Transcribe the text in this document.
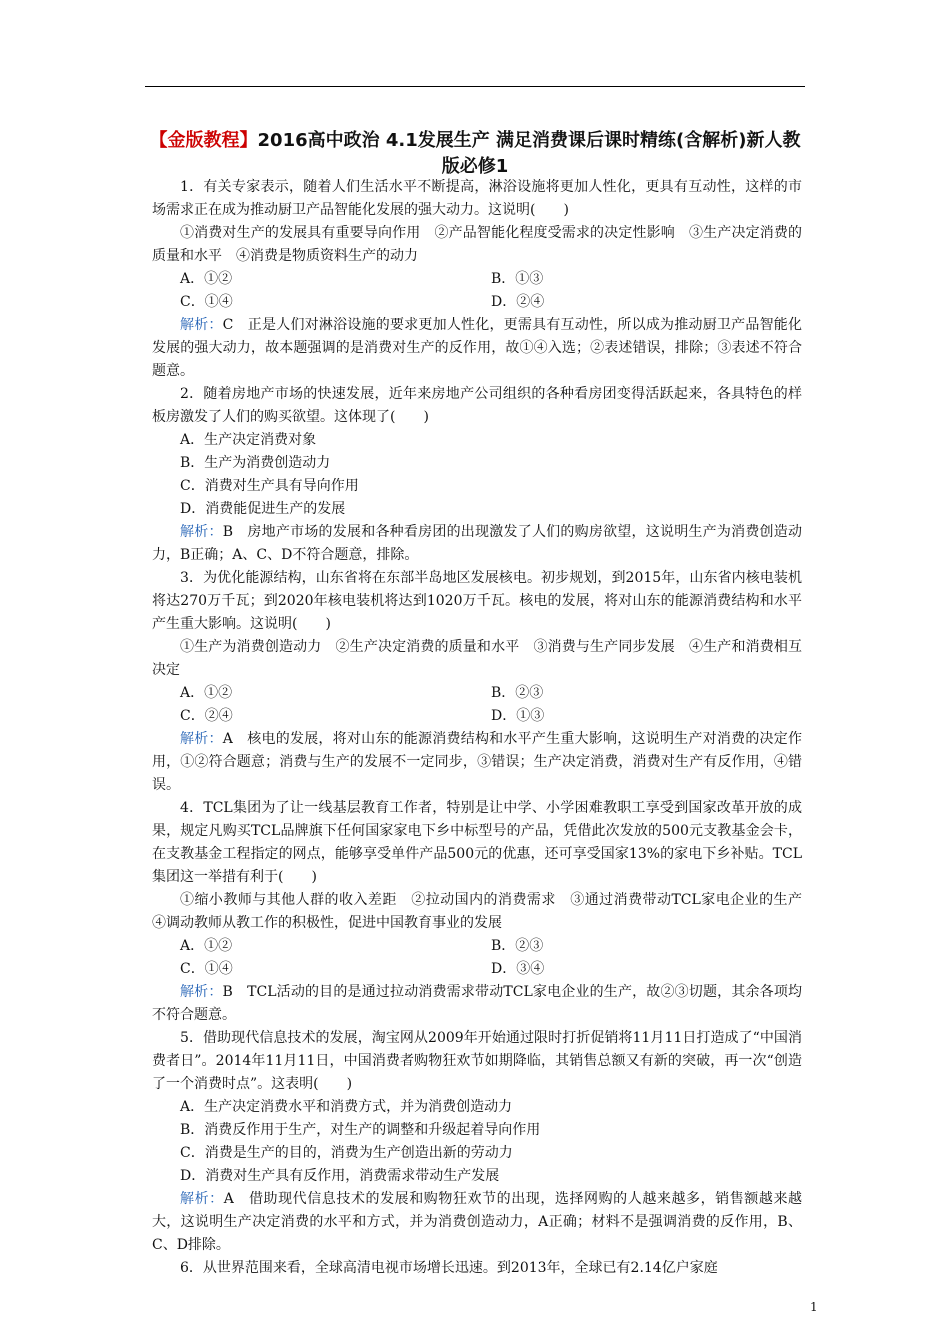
【金版教程】2016高中政治 4.1发展生产 满足消费课后课时精练(含解析)新人教版必修1

1．有关专家表示，随着人们生活水平不断提高，淋浴设施将更加人性化，更具有互动性，这样的市场需求正在成为推动厨卫产品智能化发展的强大动力。这说明(　　)

①消费对生产的发展具有重要导向作用　②产品智能化程度受需求的决定性影响　③生产决定消费的质量和水平　④消费是物质资料生产的动力

A．①②	B．①③
C．①④	D．②④

解析：C　正是人们对淋浴设施的要求更加人性化，更需具有互动性，所以成为推动厨卫产品智能化发展的强大动力，故本题强调的是消费对生产的反作用，故①④入选；②表述错误，排除；③表述不符合题意。

2．随着房地产市场的快速发展，近年来房地产公司组织的各种看房团变得活跃起来，各具特色的样板房激发了人们的购买欲望。这体现了(　　)

A．生产决定消费对象

B．生产为消费创造动力

C．消费对生产具有导向作用

D．消费能促进生产的发展

解析：B　房地产市场的发展和各种看房团的出现激发了人们的购房欲望，这说明生产为消费创造动力，B正确；A、C、D不符合题意，排除。

3．为优化能源结构，山东省将在东部半岛地区发展核电。初步规划，到2015年，山东省内核电装机将达270万千瓦；到2020年核电装机将达到1020万千瓦。核电的发展，将对山东的能源消费结构和水平产生重大影响。这说明(　　)

①生产为消费创造动力　②生产决定消费的质量和水平　③消费与生产同步发展　④生产和消费相互决定

A．①②	B．②③
C．②④	D．①③

解析：A　核电的发展，将对山东的能源消费结构和水平产生重大影响，这说明生产对消费的决定作用，①②符合题意；消费与生产的发展不一定同步，③错误；生产决定消费，消费对生产有反作用，④错误。

4．TCL集团为了让一线基层教育工作者，特别是让中学、小学困难教职工享受到国家改革开放的成果，规定凡购买TCL品牌旗下任何国家家电下乡中标型号的产品，凭借此次发放的500元支教基金会卡，在支教基金工程指定的网点，能够享受单件产品500元的优惠，还可享受国家13%的家电下乡补贴。TCL集团这一举措有利于(　　)

①缩小教师与其他人群的收入差距　②拉动国内的消费需求　③通过消费带动TCL家电企业的生产　④调动教师从教工作的积极性，促进中国教育事业的发展

A．①②	B．②③
C．①④	D．③④

解析：B　TCL活动的目的是通过拉动消费需求带动TCL家电企业的生产，故②③切题，其余各项均不符合题意。

5．借助现代信息技术的发展，淘宝网从2009年开始通过限时打折促销将11月11日打造成了“中国消费者日”。2014年11月11日，中国消费者购物狂欢节如期降临，其销售总额又有新的突破，再一次“创造了一个消费时点”。这表明(　　)

A．生产决定消费水平和消费方式，并为消费创造动力

B．消费反作用于生产，对生产的调整和升级起着导向作用

C．消费是生产的目的，消费为生产创造出新的劳动力

D．消费对生产具有反作用，消费需求带动生产发展

解析：A　借助现代信息技术的发展和购物狂欢节的出现，选择网购的人越来越多，销售额越来越大，这说明生产决定消费的水平和方式，并为消费创造动力，A正确；材料不是强调消费的反作用，B、C、D排除。

6．从世界范围来看，全球高清电视市场增长迅速。到2013年，全球已有2.14亿户家庭

1
